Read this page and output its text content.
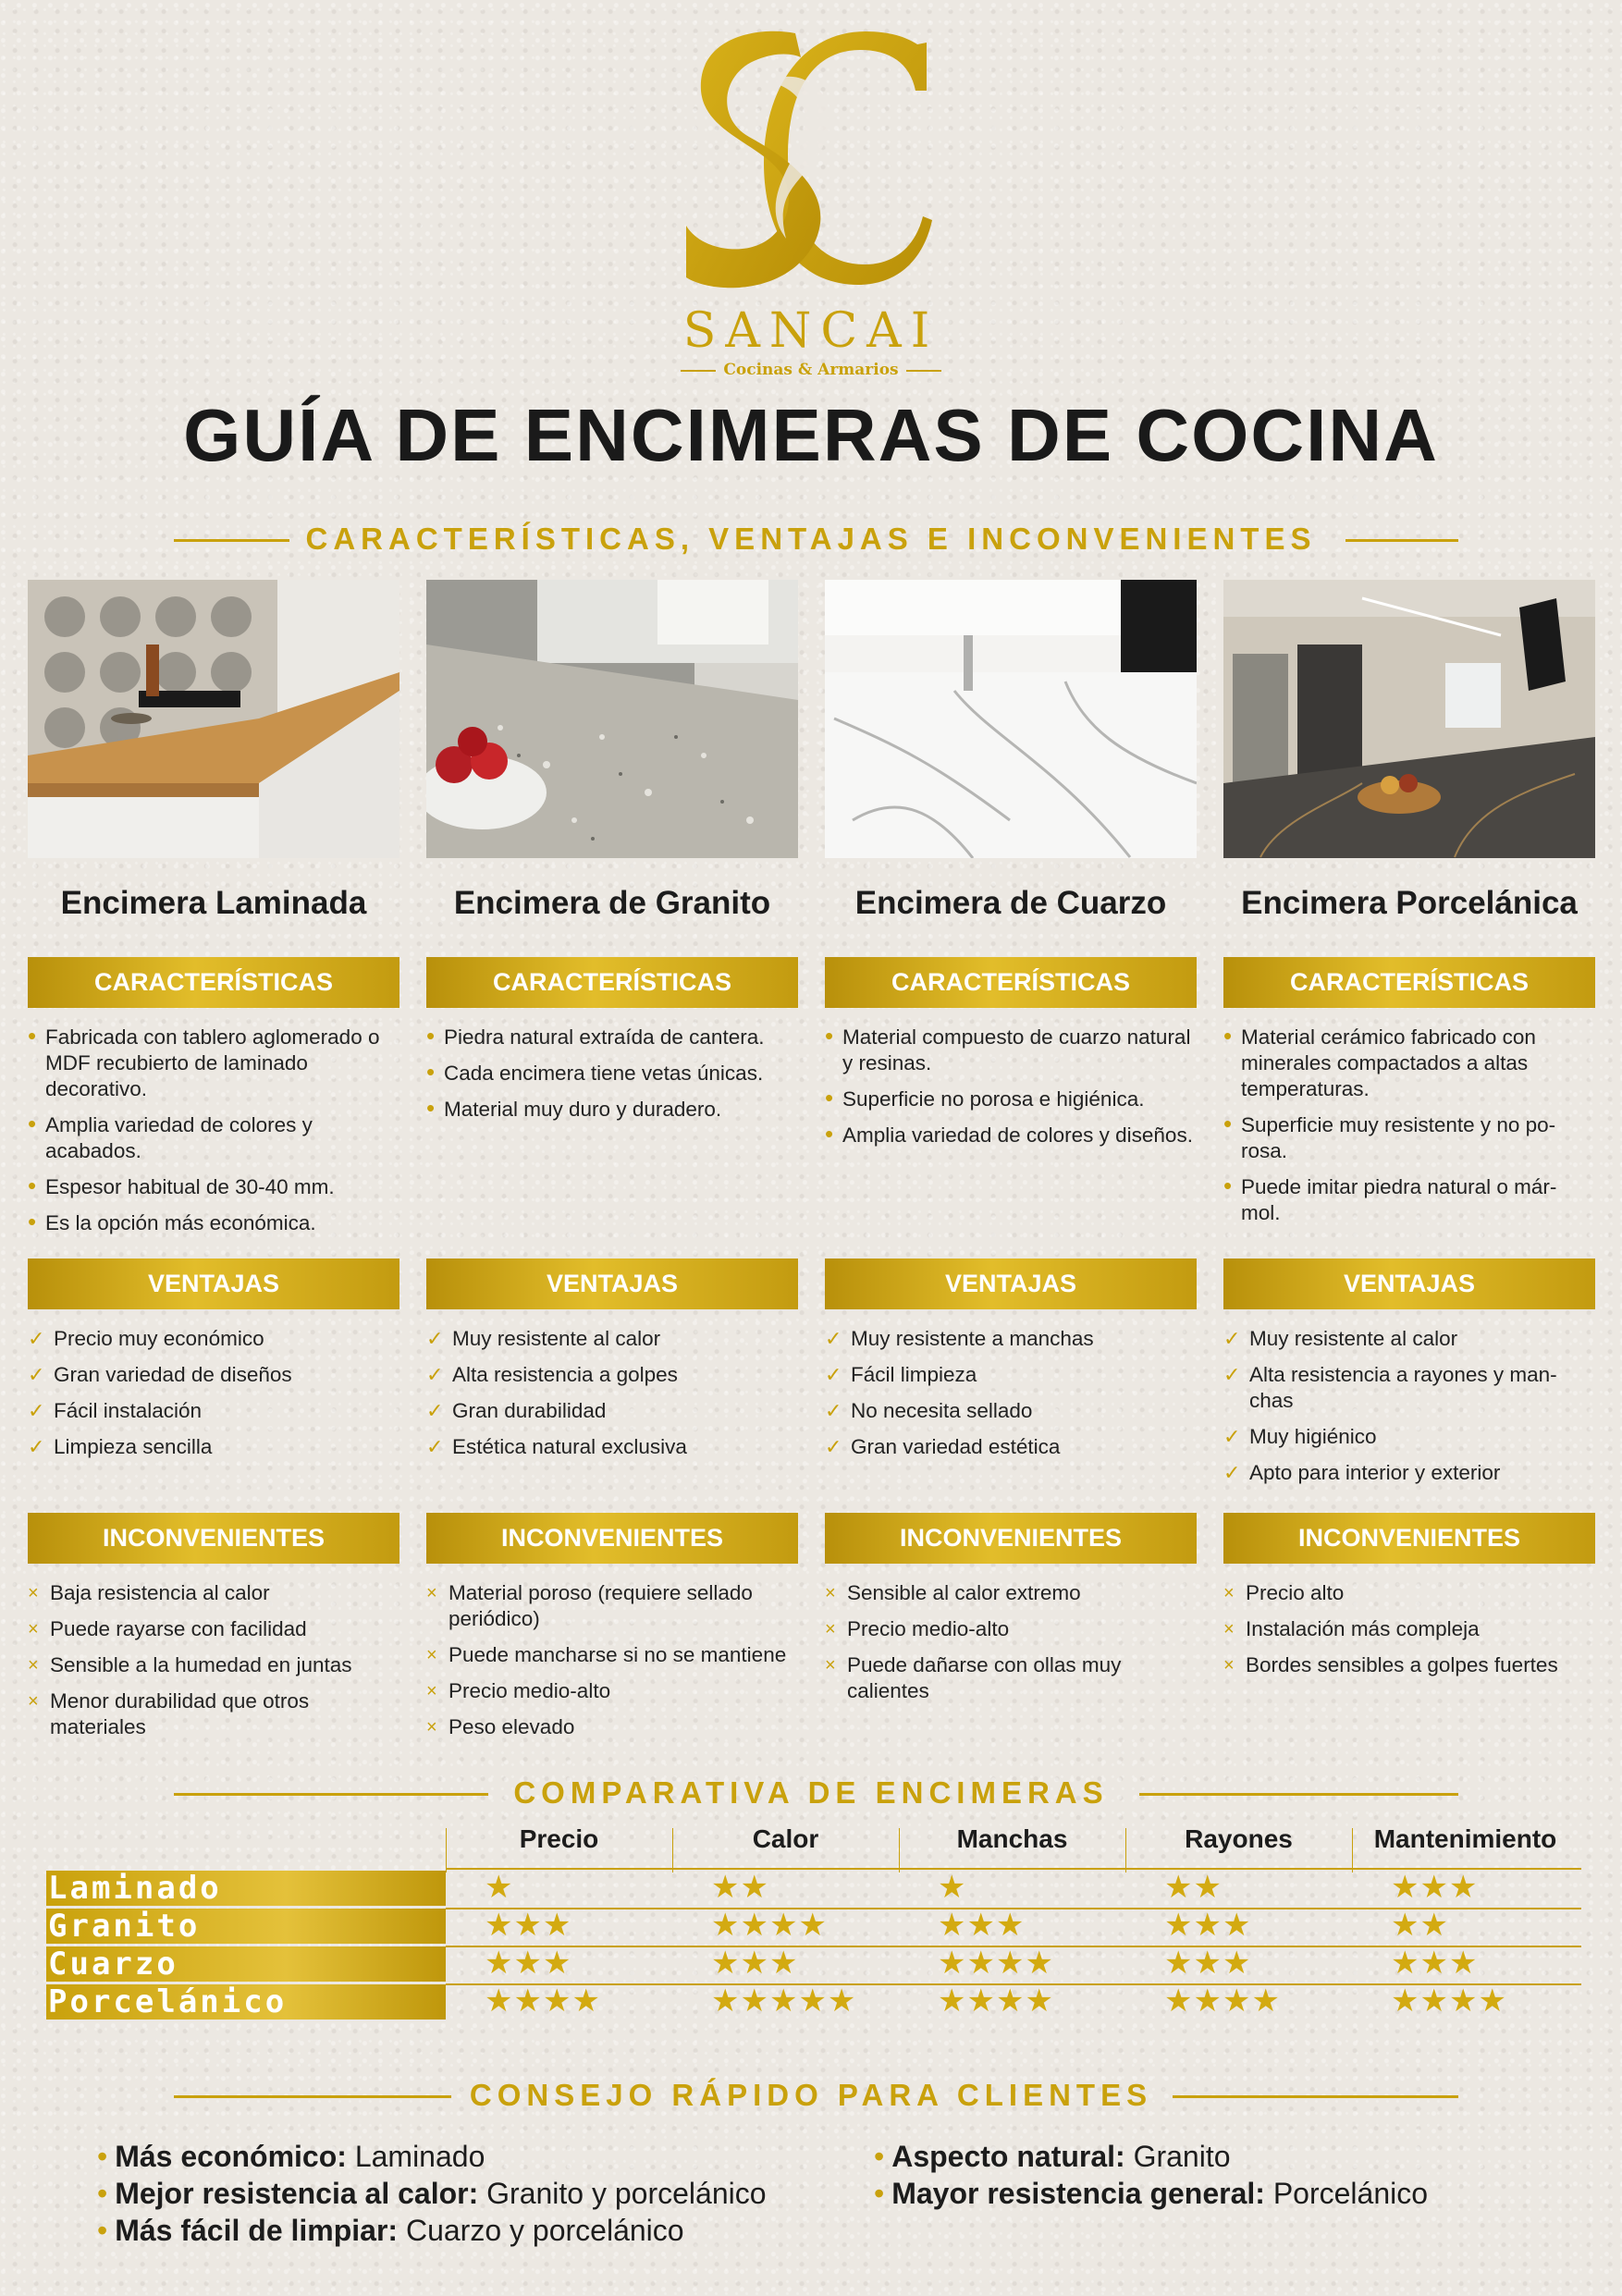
SANCAI
Cocinas & Armarios
GUÍA DE ENCIMERAS DE COCINA
CARACTERÍSTICAS, VENTAJAS E INCONVENIENTES
Encimera Laminada
CARACTERÍSTICAS
• Fabricada con tablero aglomerado o MDF recubierto de laminado decorativo.
• Amplia variedad de colores y acabados.
• Espesor habitual de 30-40 mm.
• Es la opción más económica.
VENTAJAS
✓ Precio muy económico
✓ Gran variedad de diseños
✓ Fácil instalación
✓ Limpieza sencilla
INCONVENIENTES
× Baja resistencia al calor
× Puede rayarse con facilidad
× Sensible a la humedad en juntas
× Menor durabilidad que otros materiales
Encimera de Granito
CARACTERÍSTICAS
• Piedra natural extraída de cantera.
• Cada encimera tiene vetas únicas.
• Material muy duro y duradero.
VENTAJAS
✓ Muy resistente al calor
✓ Alta resistencia a golpes
✓ Gran durabilidad
✓ Estética natural exclusiva
INCONVENIENTES
× Material poroso (requiere sellado periódico)
× Puede mancharse si no se mantiene
× Precio medio-alto
× Peso elevado
Encimera de Cuarzo
CARACTERÍSTICAS
• Material compuesto de cuarzo natural y resinas.
• Superficie no porosa e higiénica.
• Amplia variedad de colores y diseños.
VENTAJAS
✓ Muy resistente a manchas
✓ Fácil limpieza
✓ No necesita sellado
✓ Gran variedad estética
INCONVENIENTES
× Sensible al calor extremo
× Precio medio-alto
× Puede dañarse con ollas muy calientes
Encimera Porcelánica
CARACTERÍSTICAS
• Material cerámico fabricado con minerales compactados a altas temperaturas.
• Superficie muy resistente y no po- rosa.
• Puede imitar piedra natural o már- mol.
VENTAJAS
✓ Muy resistente al calor
✓ Alta resistencia a rayones y man- chas
✓ Muy higiénico
✓ Apto para interior y exterior
INCONVENIENTES
× Precio alto
× Instalación más compleja
× Bordes sensibles a golpes fuertes
COMPARATIVA DE ENCIMERAS
Precio	Calor	Manchas	Rayones	Mantenimiento
Laminado	★	★★	★	★★	★★★
Granito	★★★	★★★★	★★★	★★★	★★
Cuarzo	★★★	★★★	★★★★	★★★	★★★
Porcelánico	★★★★	★★★★★	★★★★	★★★★	★★★★
CONSEJO RÁPIDO PARA CLIENTES
• Más económico: Laminado
• Mejor resistencia al calor: Granito y porcelánico
• Más fácil de limpiar: Cuarzo y porcelánico
• Aspecto natural: Granito
• Mayor resistencia general: Porcelánico
